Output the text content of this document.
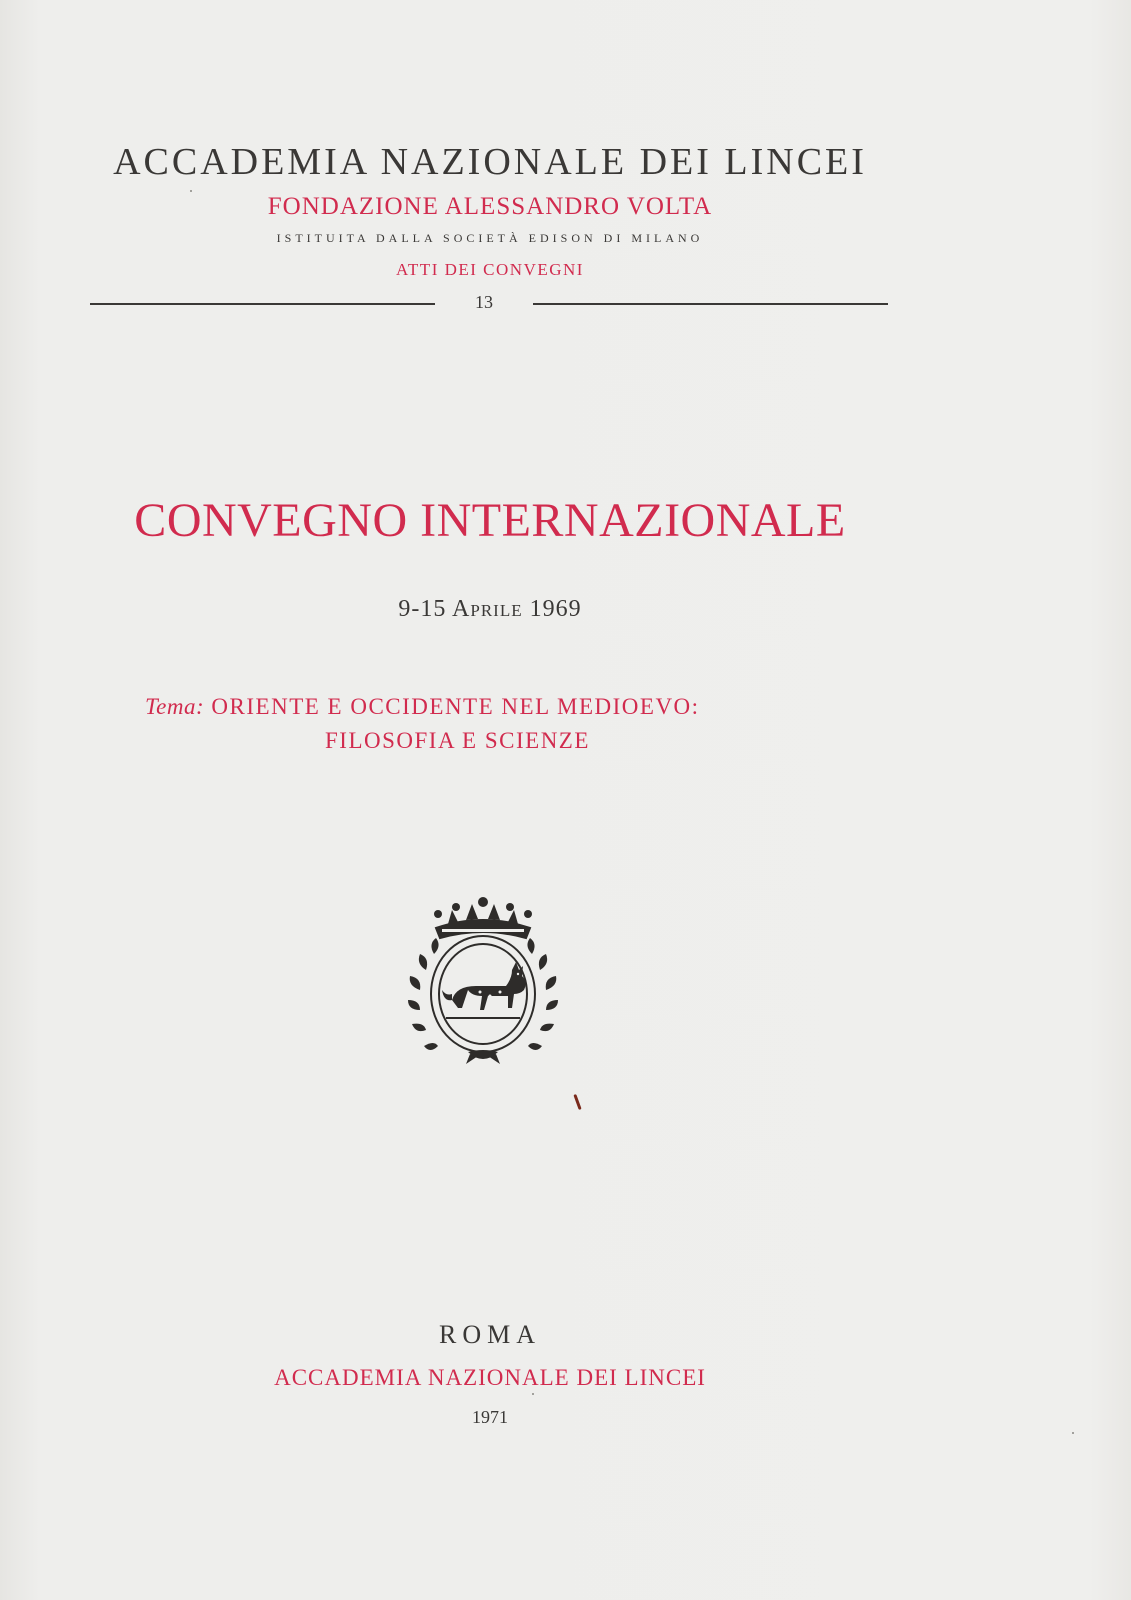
ACCADEMIA NAZIONALE DEI LINCEI
FONDAZIONE ALESSANDRO VOLTA
ISTITUITA DALLA SOCIETÀ EDISON DI MILANO
ATTI DEI CONVEGNI
13
CONVEGNO INTERNAZIONALE
9-15 Aprile 1969
Tema: ORIENTE E OCCIDENTE NEL MEDIOEVO:
FILOSOFIA E SCIENZE
ROMA
ACCADEMIA NAZIONALE DEI LINCEI
1971
